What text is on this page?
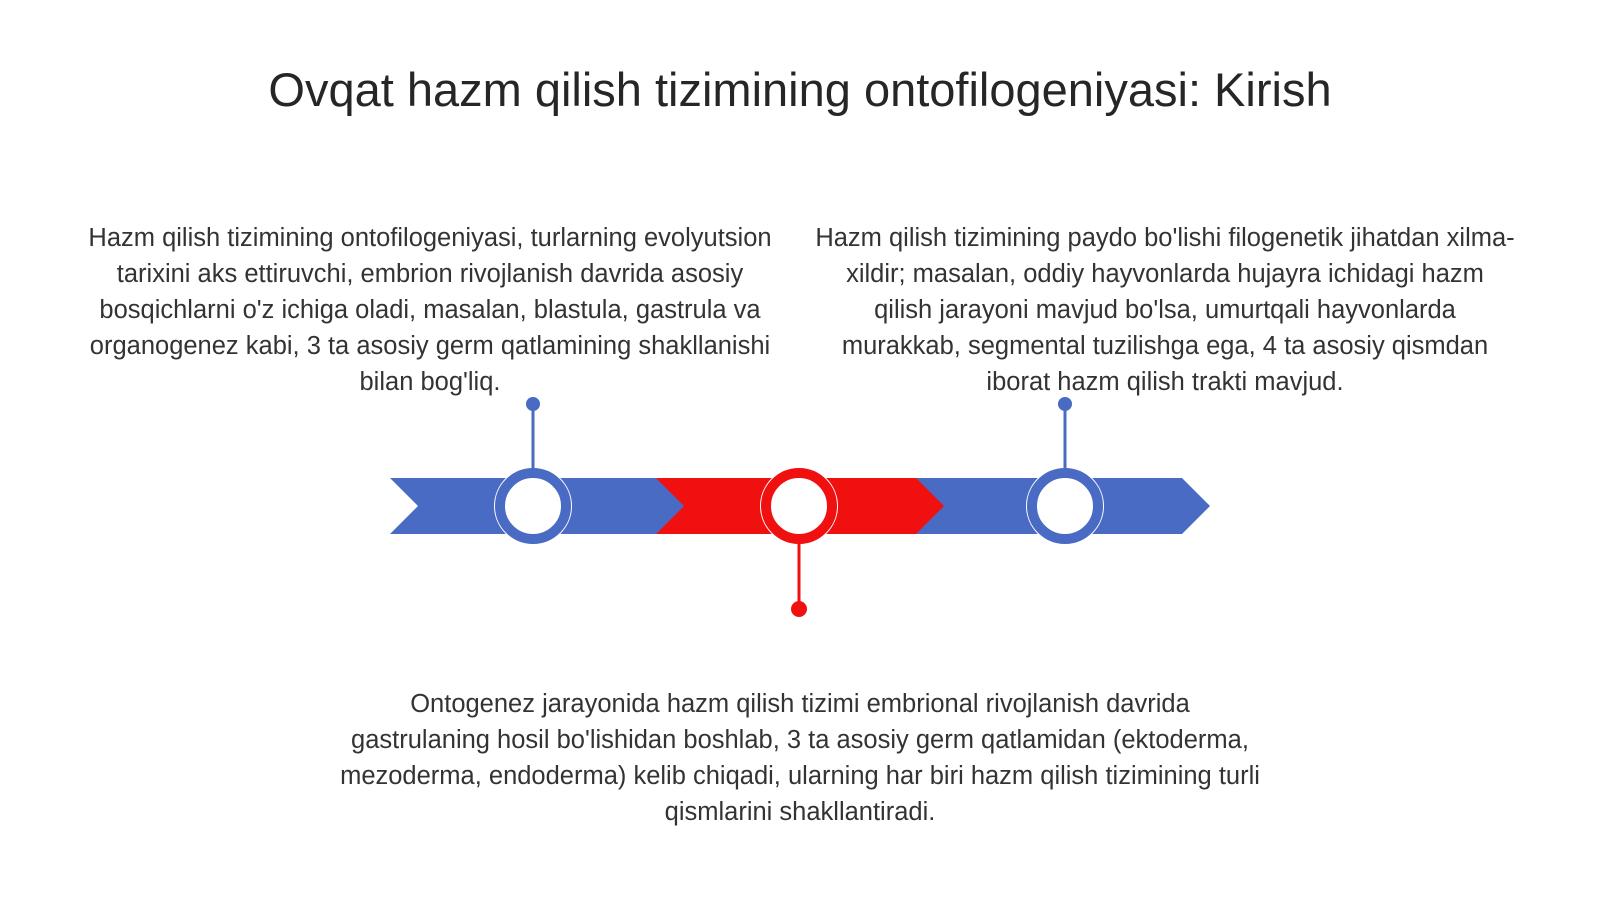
Ovqat hazm qilish tizimining ontofilogeniyasi: Kirish
Hazm qilish tizimining ontofilogeniyasi, turlarning evolyutsion tarixini aks ettiruvchi, embrion rivojlanish davrida asosiy bosqichlarni o'z ichiga oladi, masalan, blastula, gastrula va organogenez kabi, 3 ta asosiy germ qatlamining shakllanishi bilan bog'liq.
Hazm qilish tizimining paydo bo'lishi filogenetik jihatdan xilma-xildir; masalan, oddiy hayvonlarda hujayra ichidagi hazm qilish jarayoni mavjud bo'lsa, umurtqali hayvonlarda murakkab, segmental tuzilishga ega, 4 ta asosiy qismdan iborat hazm qilish trakti mavjud.
Ontogenez jarayonida hazm qilish tizimi embrional rivojlanish davrida gastrulaning hosil bo'lishidan boshlab, 3 ta asosiy germ qatlamidan (ektoderma, mezoderma, endoderma) kelib chiqadi, ularning har biri hazm qilish tizimining turli qismlarini shakllantiradi.
